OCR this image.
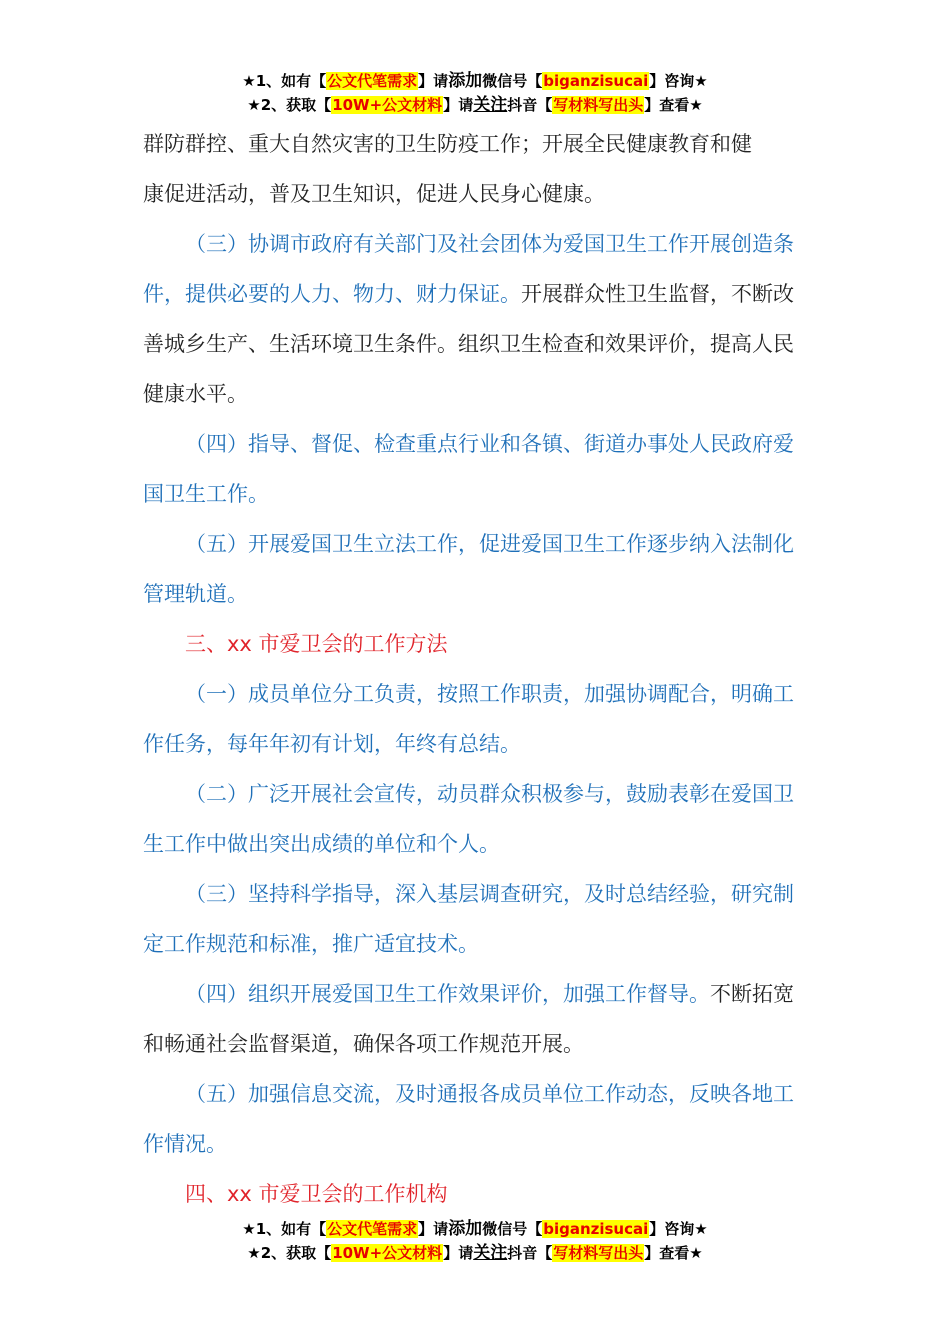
★1、如有【公文代笔需求】请添加微信号【biganzisucai】咨询★
★2、获取【10W+公文材料】请关注抖音【写材料写出头】查看★

群防群控、重大自然灾害的卫生防疫工作；开展全民健康教育和健
康促进活动，普及卫生知识，促进人民身心健康。

（三）协调市政府有关部门及社会团体为爱国卫生工作开展创造条件，提供必要的人力、物力、财力保证。开展群众性卫生监督，不断改善城乡生产、生活环境卫生条件。组织卫生检查和效果评价，提高人民健康水平。

（四）指导、督促、检查重点行业和各镇、街道办事处人民政府爱国卫生工作。

（五）开展爱国卫生立法工作，促进爱国卫生工作逐步纳入法制化管理轨道。

三、xx 市爱卫会的工作方法

（一）成员单位分工负责，按照工作职责，加强协调配合，明确工作任务，每年年初有计划，年终有总结。

（二）广泛开展社会宣传，动员群众积极参与，鼓励表彰在爱国卫生工作中做出突出成绩的单位和个人。

（三）坚持科学指导，深入基层调查研究，及时总结经验，研究制定工作规范和标准，推广适宜技术。

（四）组织开展爱国卫生工作效果评价，加强工作督导。不断拓宽和畅通社会监督渠道，确保各项工作规范开展。

（五）加强信息交流，及时通报各成员单位工作动态，反映各地工作情况。

四、xx 市爱卫会的工作机构

★1、如有【公文代笔需求】请添加微信号【biganzisucai】咨询★
★2、获取【10W+公文材料】请关注抖音【写材料写出头】查看★
